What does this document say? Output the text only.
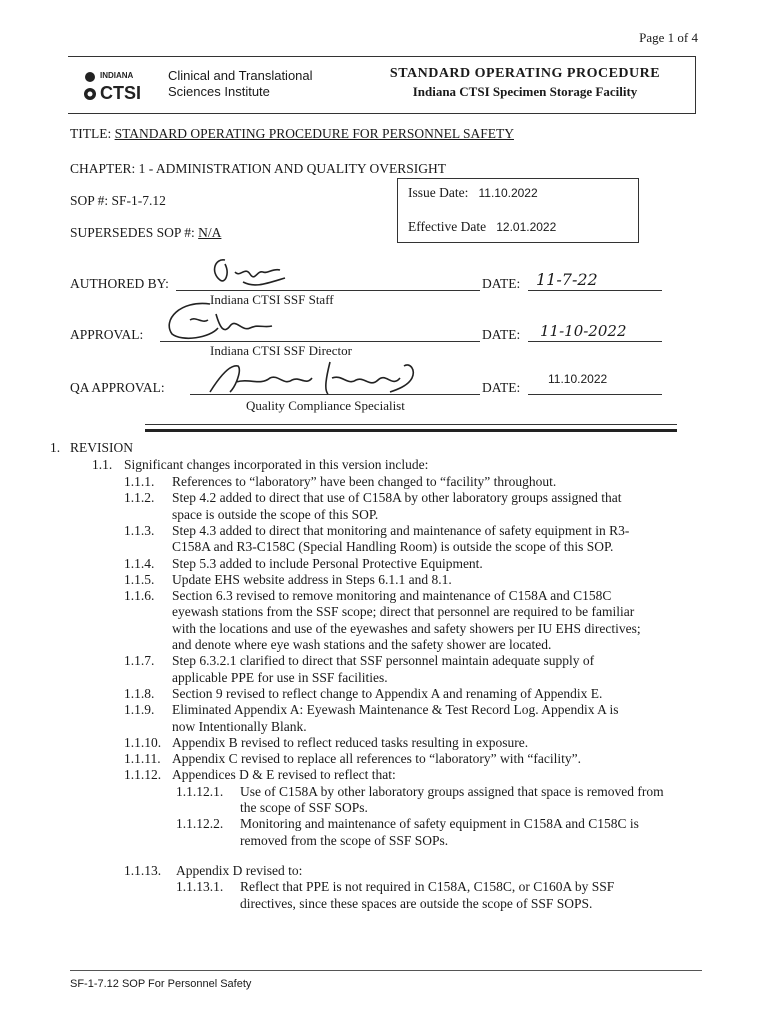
Page 1 of 4
INDIANA
CTSI
Clinical and Translational
Sciences Institute
STANDARD OPERATING PROCEDURE
Indiana CTSI Specimen Storage Facility
TITLE: STANDARD OPERATING PROCEDURE FOR PERSONNEL SAFETY
CHAPTER: 1 - ADMINISTRATION AND QUALITY OVERSIGHT
SOP #: SF-1-7.12
SUPERSEDES SOP #: N/A
Issue Date: 11.10.2022
Effective Date 12.01.2022
AUTHORED BY:
Indiana CTSI SSF Staff
DATE: 11-7-22
APPROVAL:
Indiana CTSI SSF Director
DATE: 11-10-2022
QA APPROVAL:
Quality Compliance Specialist
DATE:
11.10.2022
1. REVISION
1.1. Significant changes incorporated in this version include:
1.1.1. References to “laboratory” have been changed to “facility” throughout.
1.1.2. Step 4.2 added to direct that use of C158A by other laboratory groups assigned that
space is outside the scope of this SOP.
1.1.3. Step 4.3 added to direct that monitoring and maintenance of safety equipment in R3-
C158A and R3-C158C (Special Handling Room) is outside the scope of this SOP.
1.1.4. Step 5.3 added to include Personal Protective Equipment.
1.1.5. Update EHS website address in Steps 6.1.1 and 8.1.
1.1.6. Section 6.3 revised to remove monitoring and maintenance of C158A and C158C
eyewash stations from the SSF scope; direct that personnel are required to be familiar
with the locations and use of the eyewashes and safety showers per IU EHS directives;
and denote where eye wash stations and the safety shower are located.
1.1.7. Step 6.3.2.1 clarified to direct that SSF personnel maintain adequate supply of
applicable PPE for use in SSF facilities.
1.1.8. Section 9 revised to reflect change to Appendix A and renaming of Appendix E.
1.1.9. Eliminated Appendix A: Eyewash Maintenance & Test Record Log. Appendix A is
now Intentionally Blank.
1.1.10. Appendix B revised to reflect reduced tasks resulting in exposure.
1.1.11. Appendix C revised to replace all references to “laboratory” with “facility”.
1.1.12. Appendices D & E revised to reflect that:
1.1.12.1. Use of C158A by other laboratory groups assigned that space is removed from
the scope of SSF SOPs.
1.1.12.2. Monitoring and maintenance of safety equipment in C158A and C158C is
removed from the scope of SSF SOPs.
1.1.13. Appendix D revised to:
1.1.13.1. Reflect that PPE is not required in C158A, C158C, or C160A by SSF
directives, since these spaces are outside the scope of SSF SOPS.
SF-1-7.12 SOP For Personnel Safety
